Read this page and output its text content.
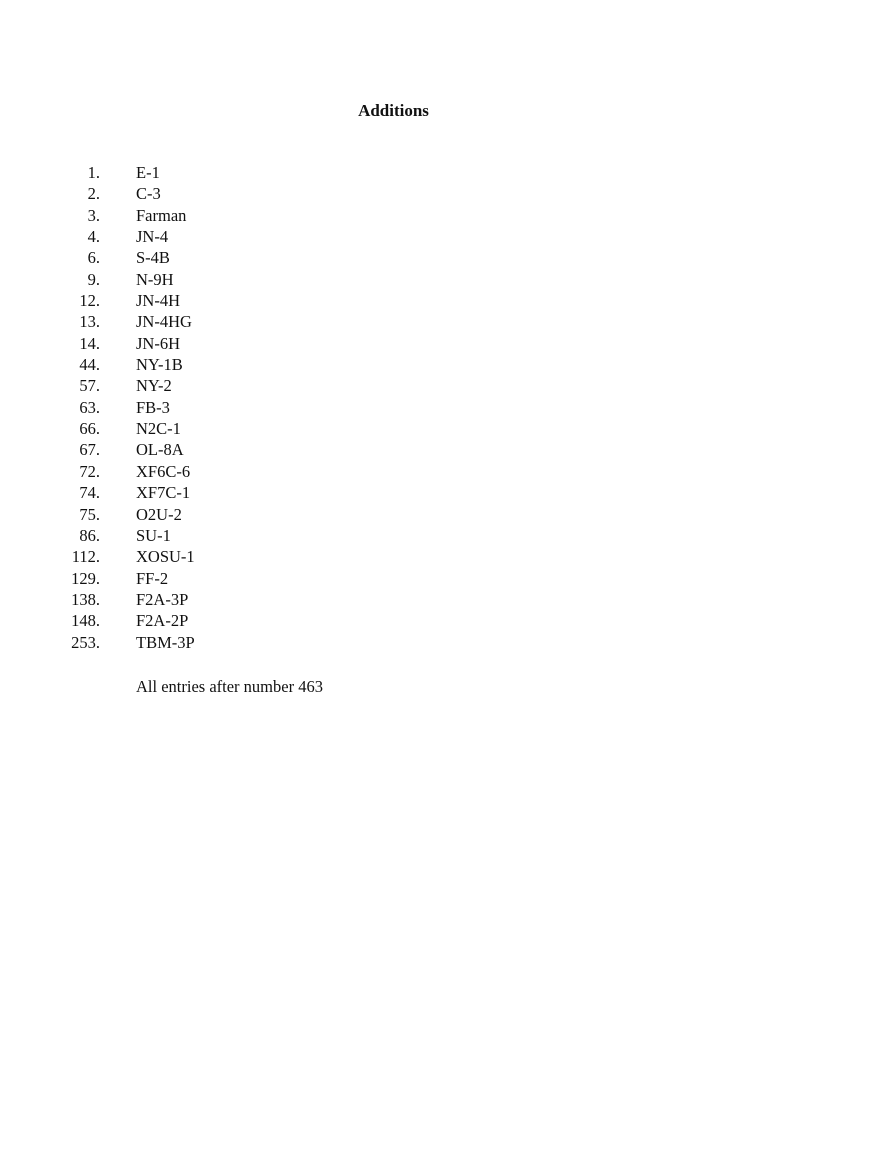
Additions
1. E-1
2. C-3
3. Farman
4. JN-4
6. S-4B
9. N-9H
12. JN-4H
13. JN-4HG
14. JN-6H
44. NY-1B
57. NY-2
63. FB-3
66. N2C-1
67. OL-8A
72. XF6C-6
74. XF7C-1
75. O2U-2
86. SU-1
112. XOSU-1
129. FF-2
138. F2A-3P
148. F2A-2P
253. TBM-3P
All entries after number 463
